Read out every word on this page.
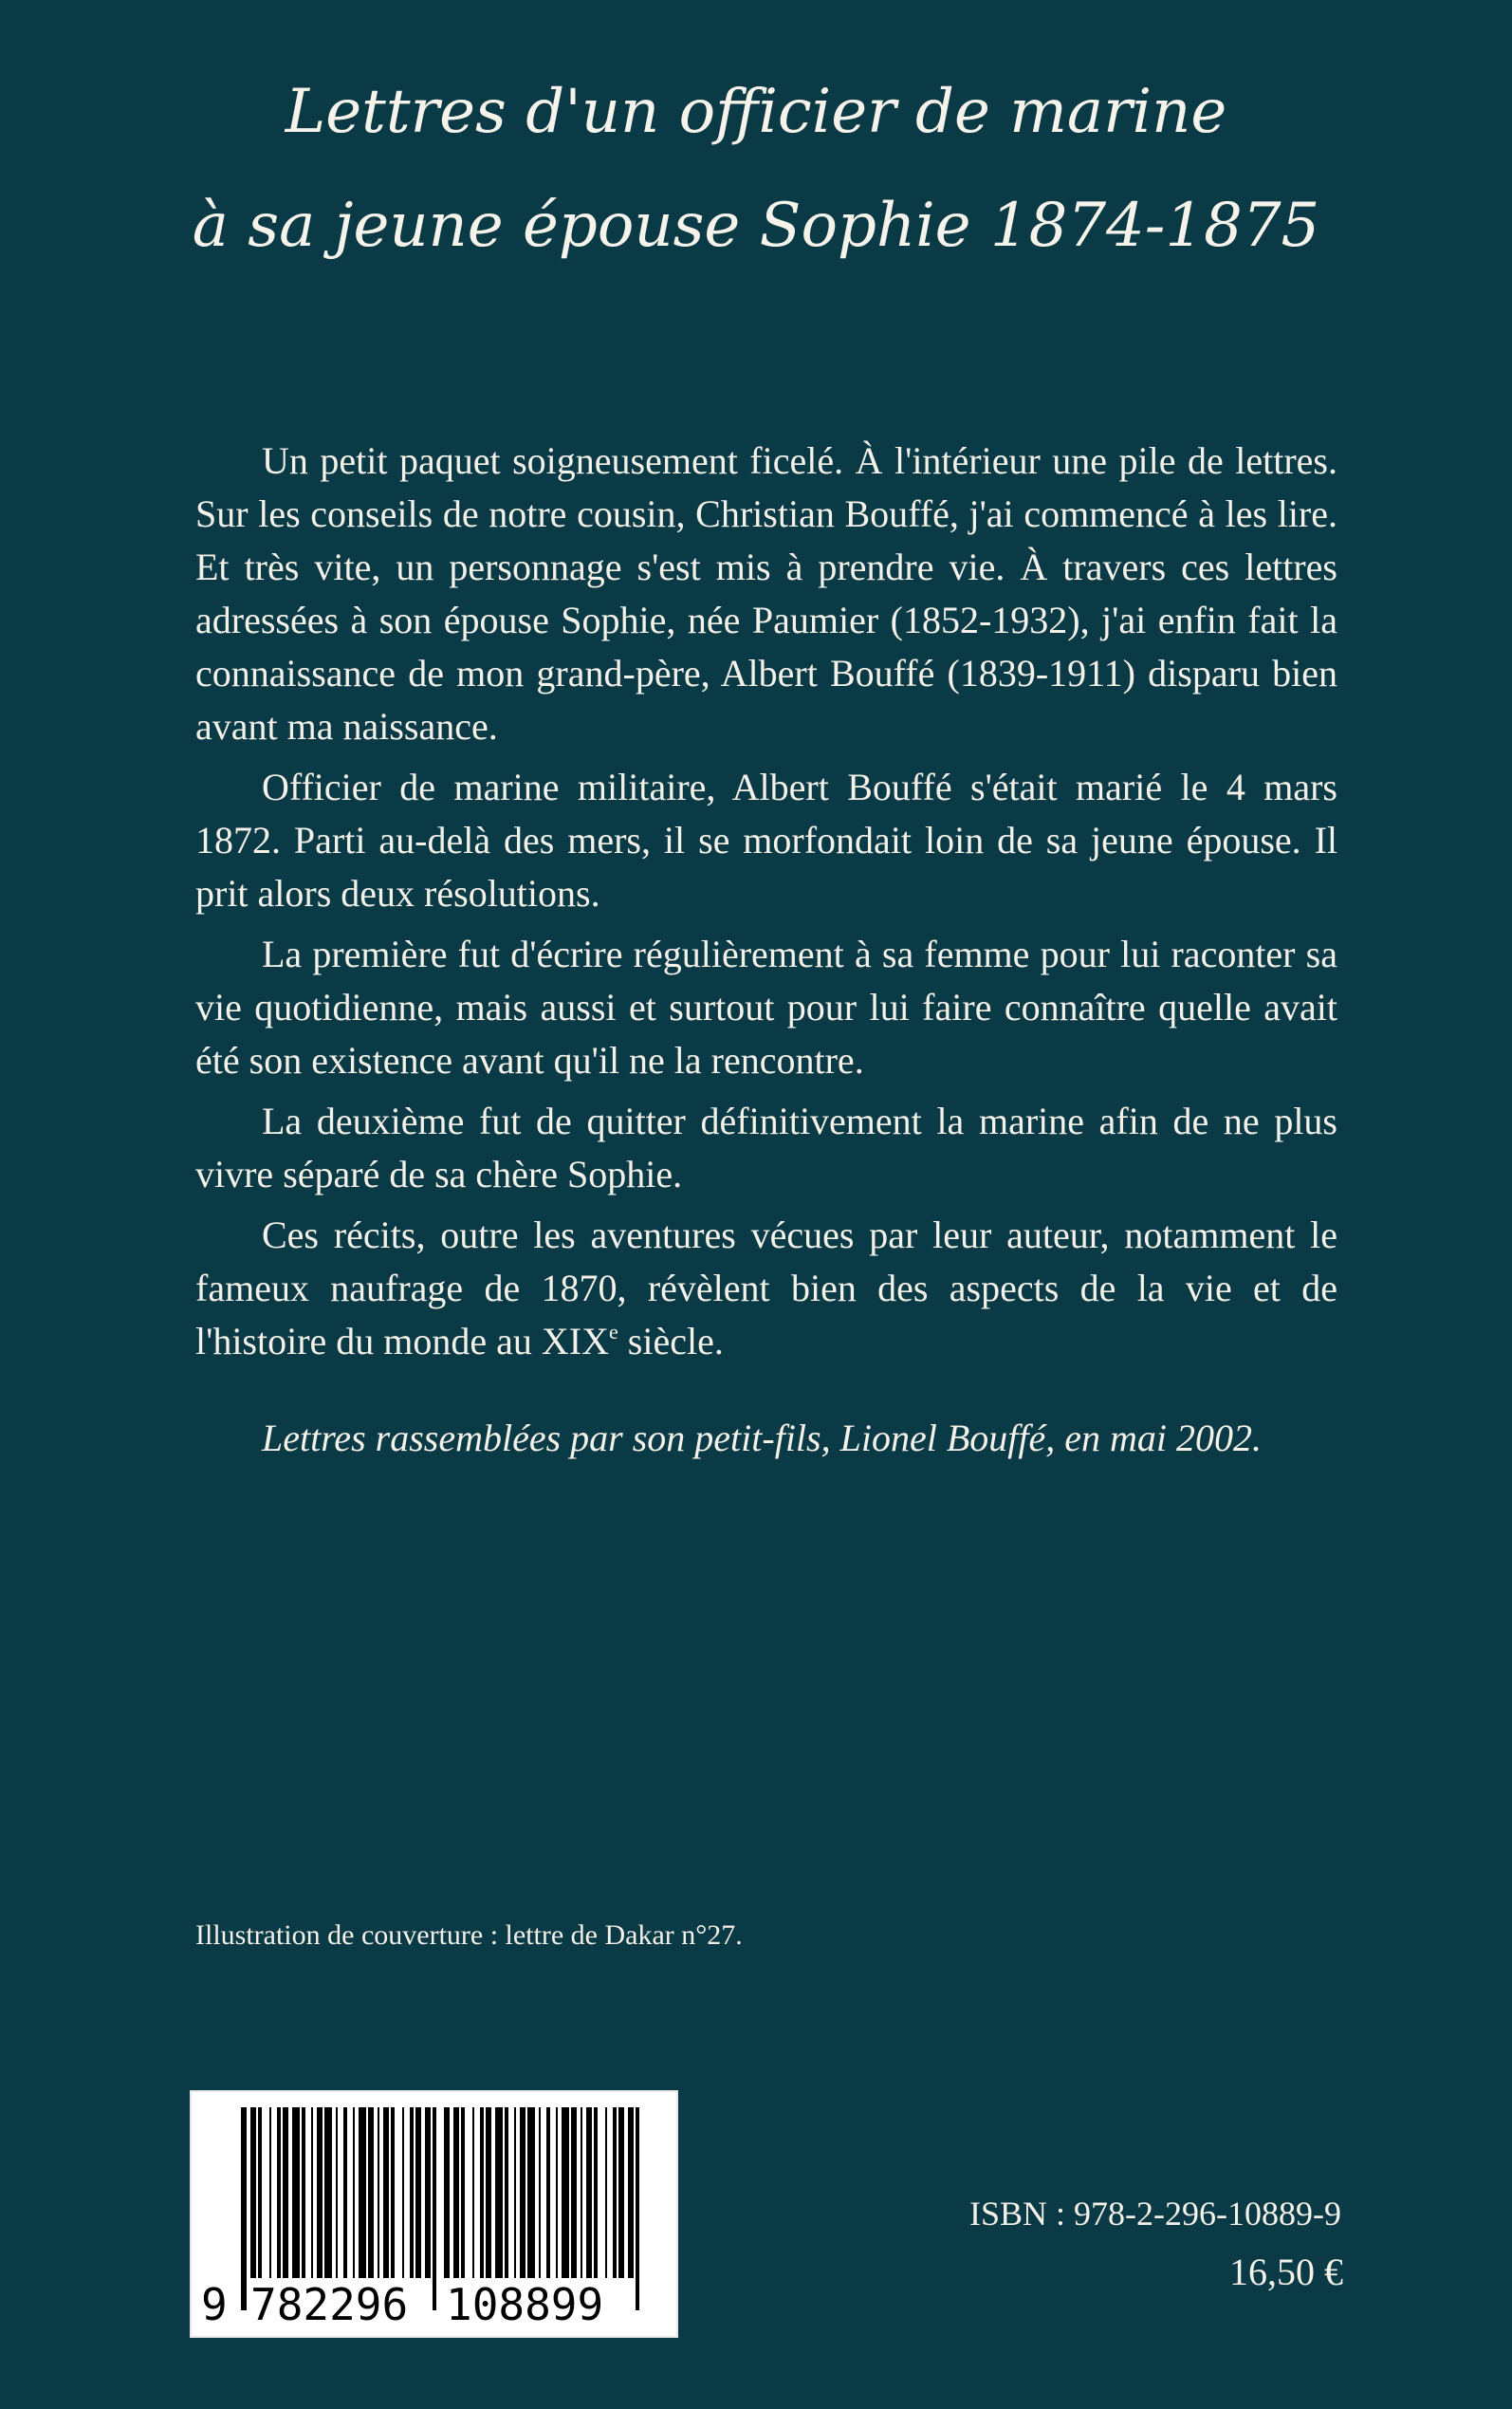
Lettres d'un officier de marine
à sa jeune épouse Sophie 1874-1875

Un petit paquet soigneusement ficelé. À l'intérieur une pile de lettres. Sur les conseils de notre cousin, Christian Bouffé, j'ai commencé à les lire. Et très vite, un personnage s'est mis à prendre vie. À travers ces lettres adressées à son épouse Sophie, née Paumier (1852-1932), j'ai enfin fait la connaissance de mon grand-père, Albert Bouffé (1839-1911) disparu bien avant ma naissance.

Officier de marine militaire, Albert Bouffé s'était marié le 4 mars 1872. Parti au-delà des mers, il se morfondait loin de sa jeune épouse. Il prit alors deux résolutions.

La première fut d'écrire régulièrement à sa femme pour lui raconter sa vie quotidienne, mais aussi et surtout pour lui faire connaître quelle avait été son existence avant qu'il ne la rencontre.

La deuxième fut de quitter définitivement la marine afin de ne plus vivre séparé de sa chère Sophie.

Ces récits, outre les aventures vécues par leur auteur, notamment le fameux naufrage de 1870, révèlent bien des aspects de la vie et de l'histoire du monde au XIXe siècle.

Lettres rassemblées par son petit-fils, Lionel Bouffé, en mai 2002.

Illustration de couverture : lettre de Dakar n°27.
9 782296 108899
ISBN : 978-2-296-10889-9
16,50 €
